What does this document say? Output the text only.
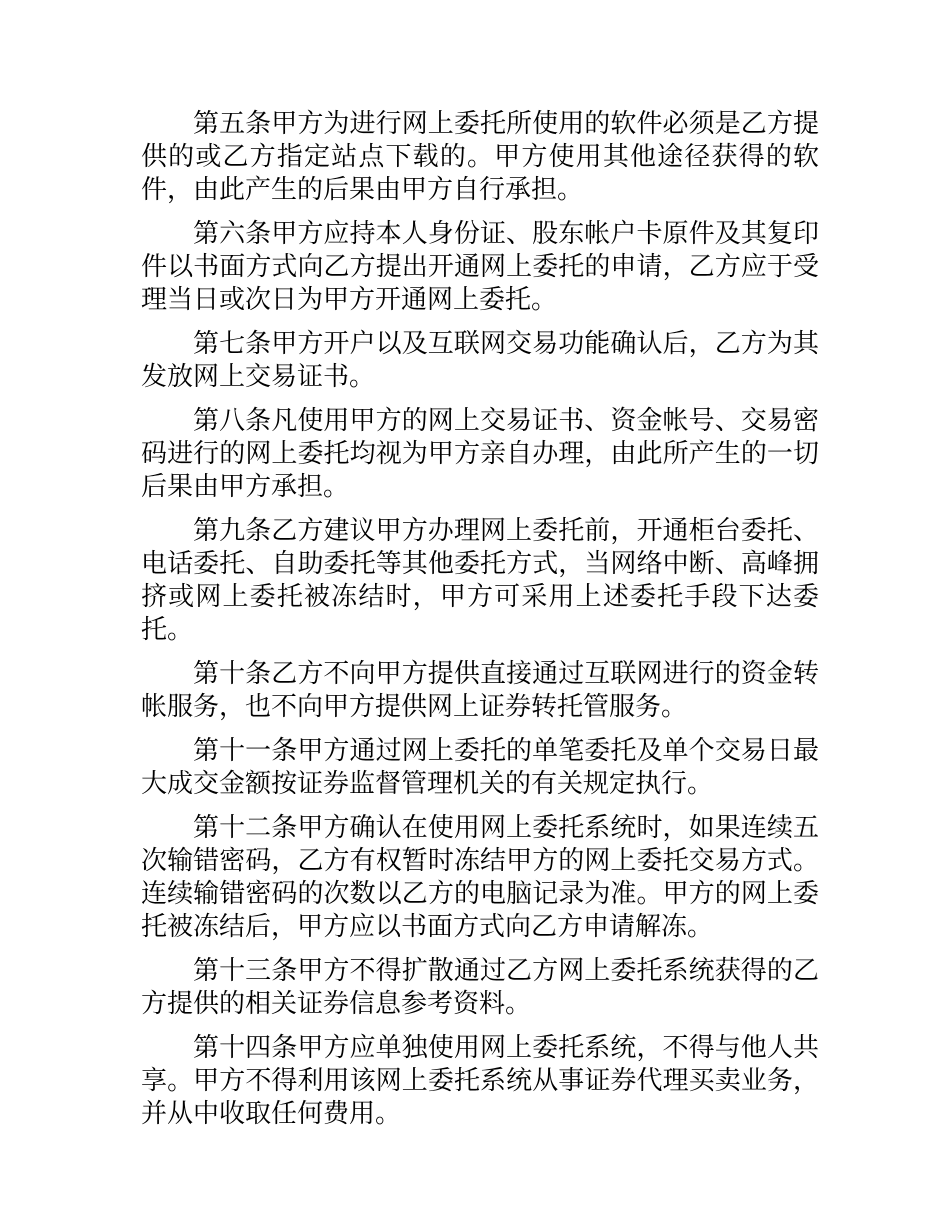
第五条甲方为进行网上委托所使用的软件必须是乙方提供的或乙方指定站点下载的。甲方使用其他途径获得的软件，由此产生的后果由甲方自行承担。

第六条甲方应持本人身份证、股东帐户卡原件及其复印件以书面方式向乙方提出开通网上委托的申请，乙方应于受理当日或次日为甲方开通网上委托。

第七条甲方开户以及互联网交易功能确认后，乙方为其发放网上交易证书。

第八条凡使用甲方的网上交易证书、资金帐号、交易密码进行的网上委托均视为甲方亲自办理，由此所产生的一切后果由甲方承担。

第九条乙方建议甲方办理网上委托前，开通柜台委托、电话委托、自助委托等其他委托方式，当网络中断、高峰拥挤或网上委托被冻结时，甲方可采用上述委托手段下达委托。

第十条乙方不向甲方提供直接通过互联网进行的资金转帐服务，也不向甲方提供网上证券转托管服务。

第十一条甲方通过网上委托的单笔委托及单个交易日最大成交金额按证券监督管理机关的有关规定执行。

第十二条甲方确认在使用网上委托系统时，如果连续五次输错密码，乙方有权暂时冻结甲方的网上委托交易方式。连续输错密码的次数以乙方的电脑记录为准。甲方的网上委托被冻结后，甲方应以书面方式向乙方申请解冻。

第十三条甲方不得扩散通过乙方网上委托系统获得的乙方提供的相关证券信息参考资料。

第十四条甲方应单独使用网上委托系统，不得与他人共享。甲方不得利用该网上委托系统从事证券代理买卖业务，并从中收取任何费用。
